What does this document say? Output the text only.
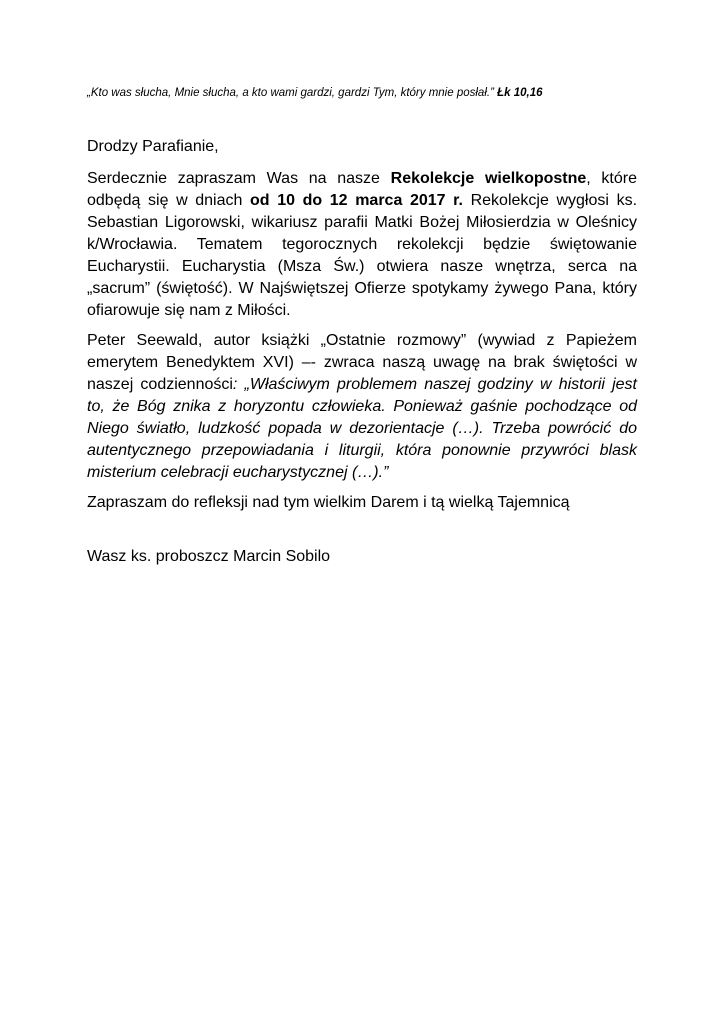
„Kto was słucha, Mnie słucha, a kto wami gardzi, gardzi Tym, który mnie posłał.” Łk 10,16

Drodzy Parafianie,

Serdecznie zapraszam Was na nasze Rekolekcje wielkopostne, które odbędą się w dniach od 10 do 12 marca 2017 r. Rekolekcje wygłosi ks. Sebastian Ligorowski, wikariusz parafii Matki Bożej Miłosierdzia w Oleśnicy k/Wrocławia. Tematem tegorocznych rekolekcji będzie świętowanie Eucharystii. Eucharystia (Msza Św.) otwiera nasze wnętrza, serca na „sacrum” (świętość). W Najświętszej Ofierze spotykamy żywego Pana, który ofiarowuje się nam z Miłości.

Peter Seewald, autor książki „Ostatnie rozmowy” (wywiad z Papieżem emerytem Benedyktem XVI) –- zwraca naszą uwagę na brak świętości w naszej codzienności: „Właściwym problemem naszej godziny w historii jest to, że Bóg znika z horyzontu człowieka. Ponieważ gaśnie pochodzące od Niego światło, ludzkość popada w dezorientacje (…). Trzeba powrócić do autentycznego przepowiadania i liturgii, która ponownie przywróci blask misterium celebracji eucharystycznej (…).”

Zapraszam do refleksji nad tym wielkim Darem i tą wielką Tajemnicą

Wasz ks. proboszcz Marcin Sobilo
